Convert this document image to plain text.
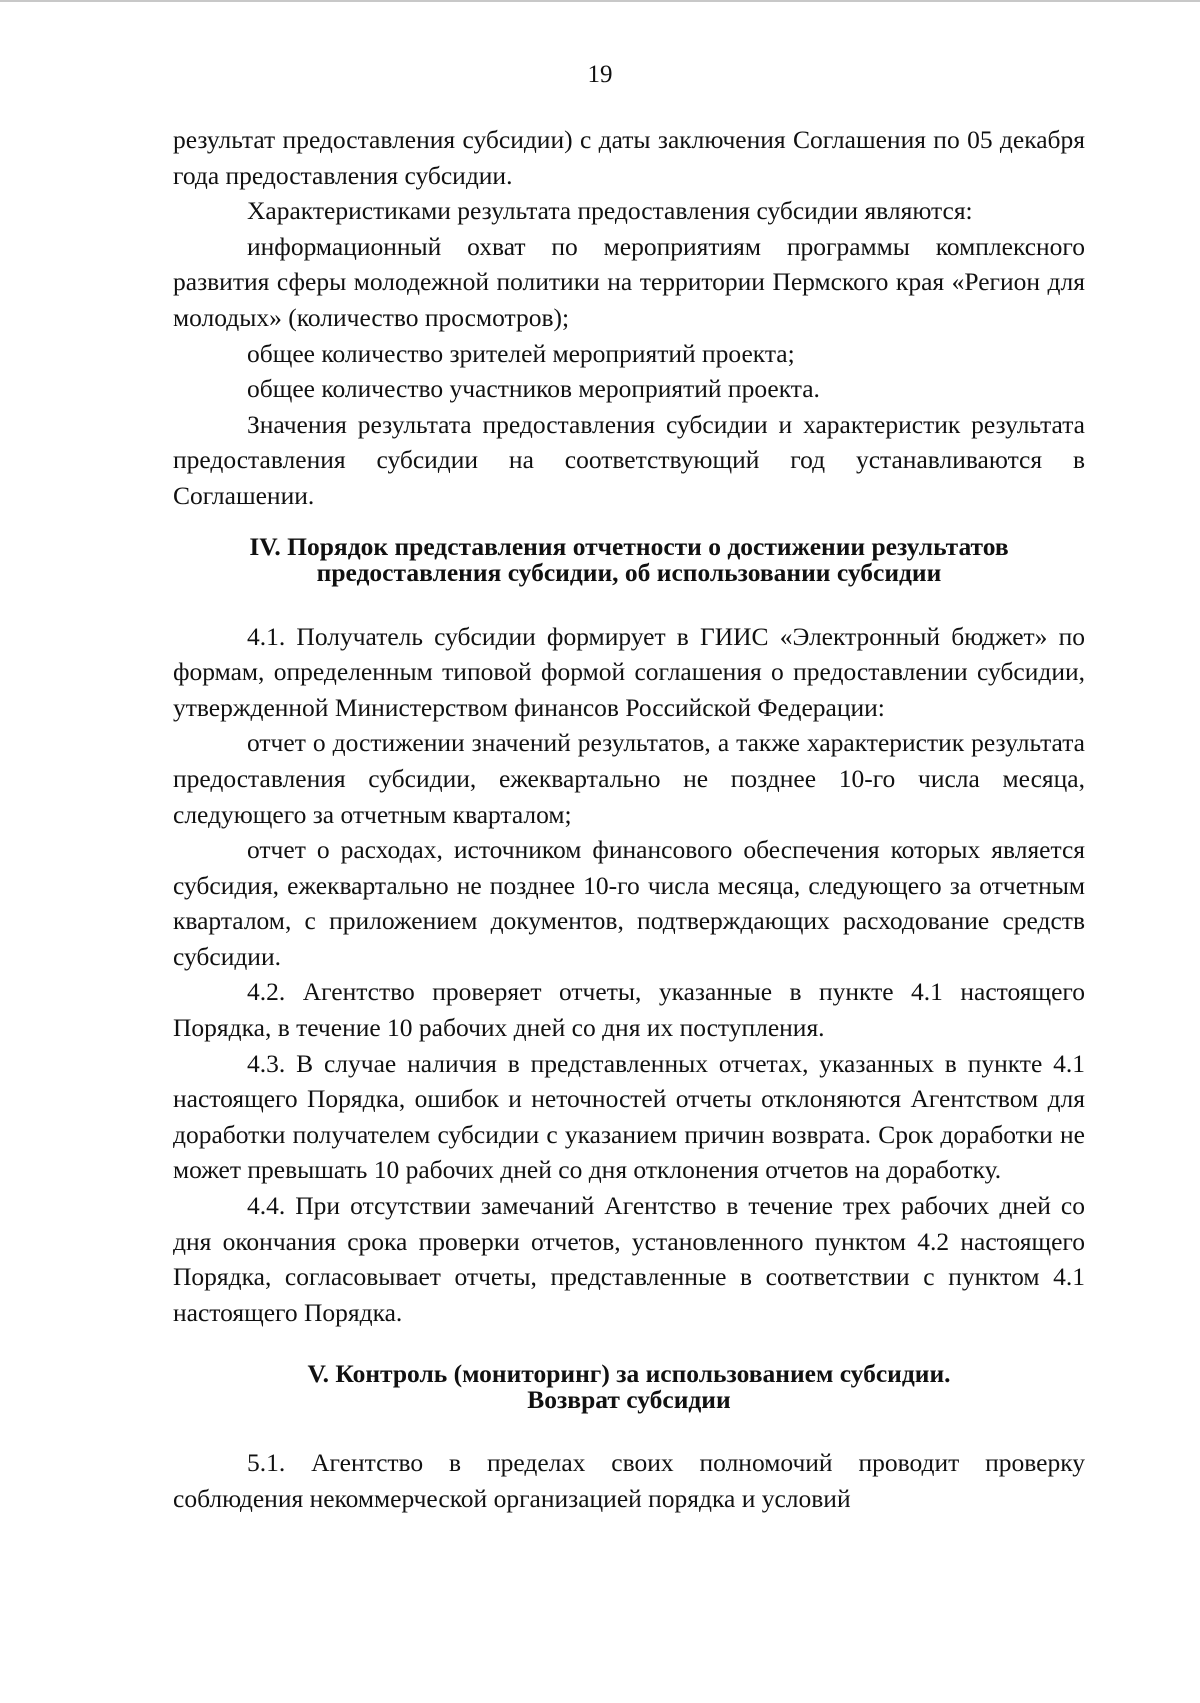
19

результат предоставления субсидии) с даты заключения Соглашения по 05 декабря года предоставления субсидии.

Характеристиками результата предоставления субсидии являются:

информационный охват по мероприятиям программы комплексного развития сферы молодежной политики на территории Пермского края «Регион для молодых» (количество просмотров);

общее количество зрителей мероприятий проекта;

общее количество участников мероприятий проекта.

Значения результата предоставления субсидии и характеристик результата предоставления субсидии на соответствующий год устанавливаются в Соглашении.

IV. Порядок представления отчетности о достижении результатов
предоставления субсидии, об использовании субсидии

4.1. Получатель субсидии формирует в ГИИС «Электронный бюджет» по формам, определенным типовой формой соглашения о предоставлении субсидии, утвержденной Министерством финансов Российской Федерации:

отчет о достижении значений результатов, а также характеристик результата предоставления субсидии, ежеквартально не позднее 10-го числа месяца, следующего за отчетным кварталом;

отчет о расходах, источником финансового обеспечения которых является субсидия, ежеквартально не позднее 10-го числа месяца, следующего за отчетным кварталом, с приложением документов, подтверждающих расходование средств субсидии.

4.2. Агентство проверяет отчеты, указанные в пункте 4.1 настоящего Порядка, в течение 10 рабочих дней со дня их поступления.

4.3. В случае наличия в представленных отчетах, указанных в пункте 4.1 настоящего Порядка, ошибок и неточностей отчеты отклоняются Агентством для доработки получателем субсидии с указанием причин возврата. Срок доработки не может превышать 10 рабочих дней со дня отклонения отчетов на доработку.

4.4. При отсутствии замечаний Агентство в течение трех рабочих дней со дня окончания срока проверки отчетов, установленного пунктом 4.2 настоящего Порядка, согласовывает отчеты, представленные в соответствии с пунктом 4.1 настоящего Порядка.

V. Контроль (мониторинг) за использованием субсидии.
Возврат субсидии

5.1. Агентство в пределах своих полномочий проводит проверку соблюдения некоммерческой организацией порядка и условий
